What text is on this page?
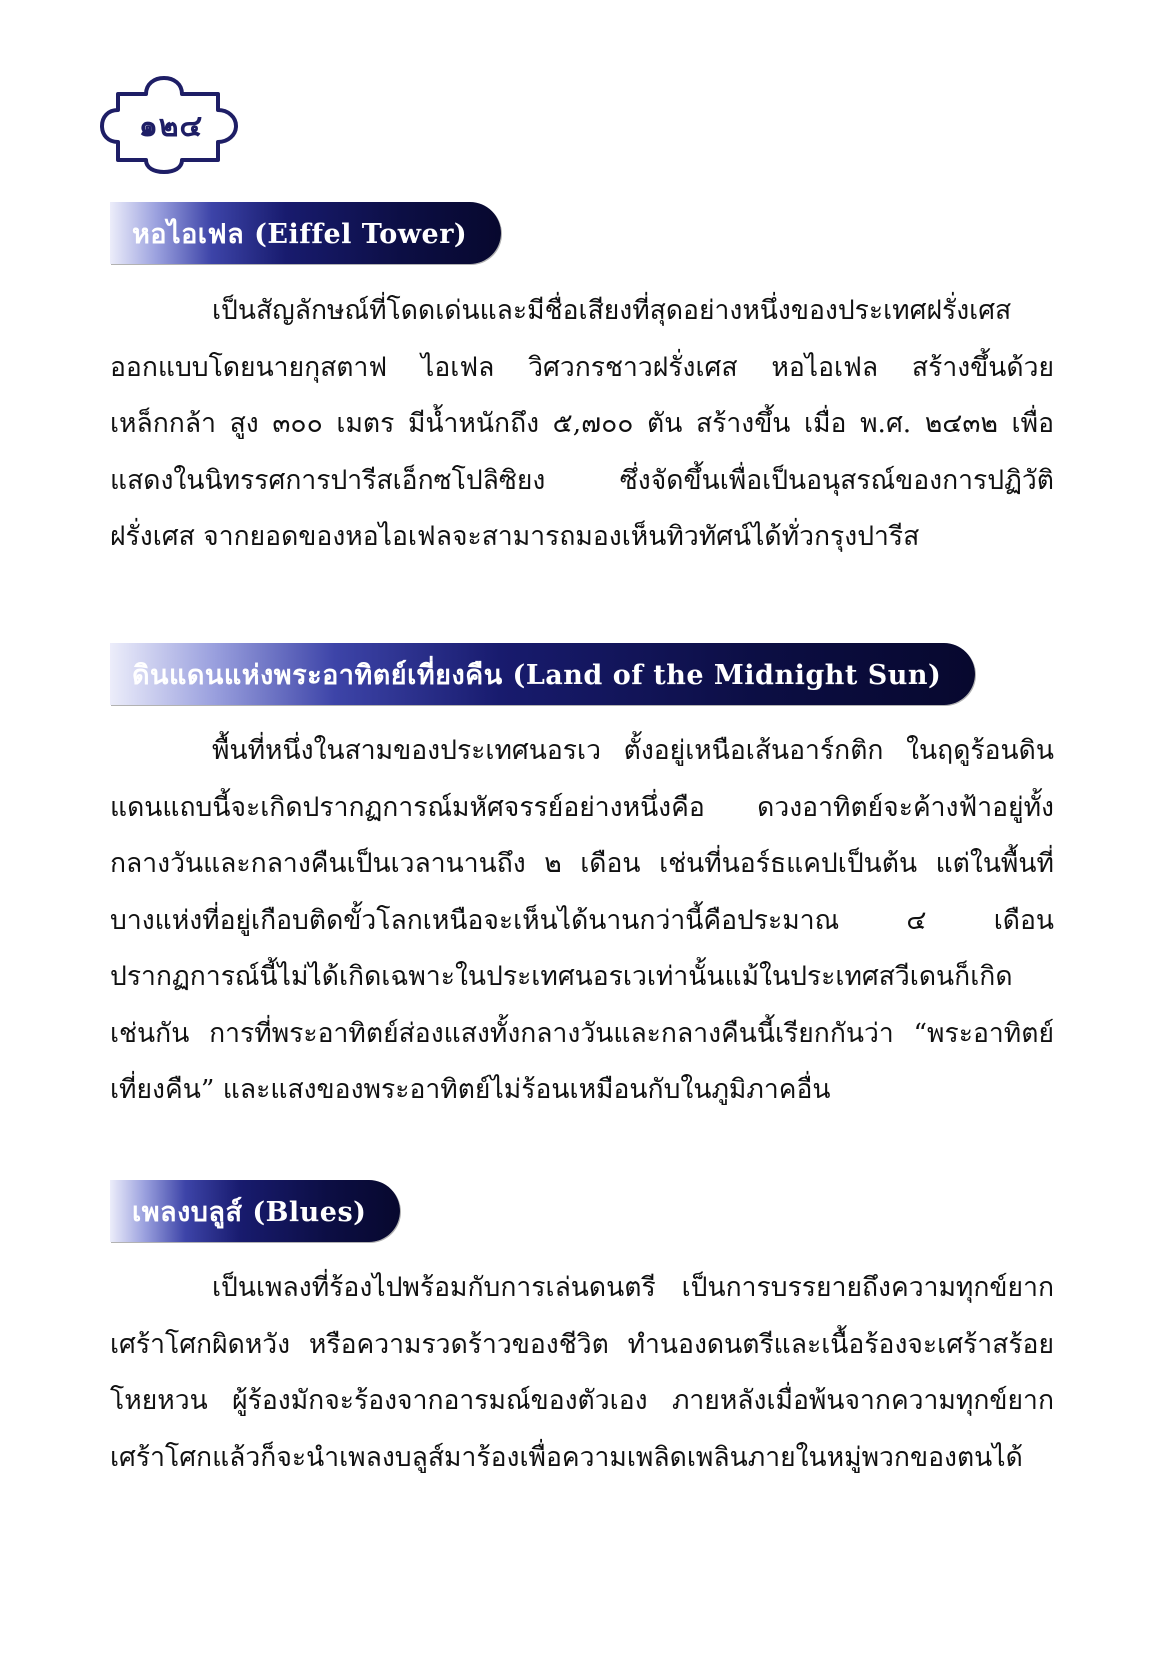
๑๒๔
หอไอเฟล (Eiffel Tower)

เป็นสัญลักษณ์ที่โดดเด่นและมีชื่อเสียงที่สุดอย่างหนึ่งของประเทศฝรั่งเศส ออกแบบโดยนายกุสตาฟ ไอเฟล วิศวกรชาวฝรั่งเศส หอไอเฟล สร้างขึ้นด้วยเหล็กกล้า สูง ๓๐๐ เมตร มีน้ำหนักถึง ๕,๗๐๐ ตัน สร้างขึ้น เมื่อ พ.ศ. ๒๔๓๒ เพื่อแสดงในนิทรรศการปารีสเอ็กซโปลิซิยง ซึ่งจัดขึ้นเพื่อเป็นอนุสรณ์ของการปฏิวัติฝรั่งเศส จากยอดของหอไอเฟลจะสามารถมองเห็นทิวทัศน์ได้ทั่วกรุงปารีส

ดินแดนแห่งพระอาทิตย์เที่ยงคืน (Land of the Midnight Sun)

พื้นที่หนึ่งในสามของประเทศนอรเว ตั้งอยู่เหนือเส้นอาร์กติก ในฤดูร้อนดินแดนแถบนี้จะเกิดปรากฏการณ์มหัศจรรย์อย่างหนึ่งคือ ดวงอาทิตย์จะค้างฟ้าอยู่ทั้งกลางวันและกลางคืนเป็นเวลานานถึง ๒ เดือน เช่นที่นอร์ธแคปเป็นต้น แต่ในพื้นที่บางแห่งที่อยู่เกือบติดขั้วโลกเหนือจะเห็นได้นานกว่านี้คือประมาณ ๔ เดือน ปรากฏการณ์นี้ไม่ได้เกิดเฉพาะในประเทศนอรเวเท่านั้นแม้ในประเทศสวีเดนก็เกิดเช่นกัน การที่พระอาทิตย์ส่องแสงทั้งกลางวันและกลางคืนนี้เรียกกันว่า “พระอาทิตย์เที่ยงคืน” และแสงของพระอาทิตย์ไม่ร้อนเหมือนกับในภูมิภาคอื่น

เพลงบลูส์ (Blues)

เป็นเพลงที่ร้องไปพร้อมกับการเล่นดนตรี เป็นการบรรยายถึงความทุกข์ยากเศร้าโศกผิดหวัง หรือความรวดร้าวของชีวิต ทำนองดนตรีและเนื้อร้องจะเศร้าสร้อยโหยหวน ผู้ร้องมักจะร้องจากอารมณ์ของตัวเอง ภายหลังเมื่อพ้นจากความทุกข์ยากเศร้าโศกแล้วก็จะนำเพลงบลูส์มาร้องเพื่อความเพลิดเพลินภายในหมู่พวกของตนได้
